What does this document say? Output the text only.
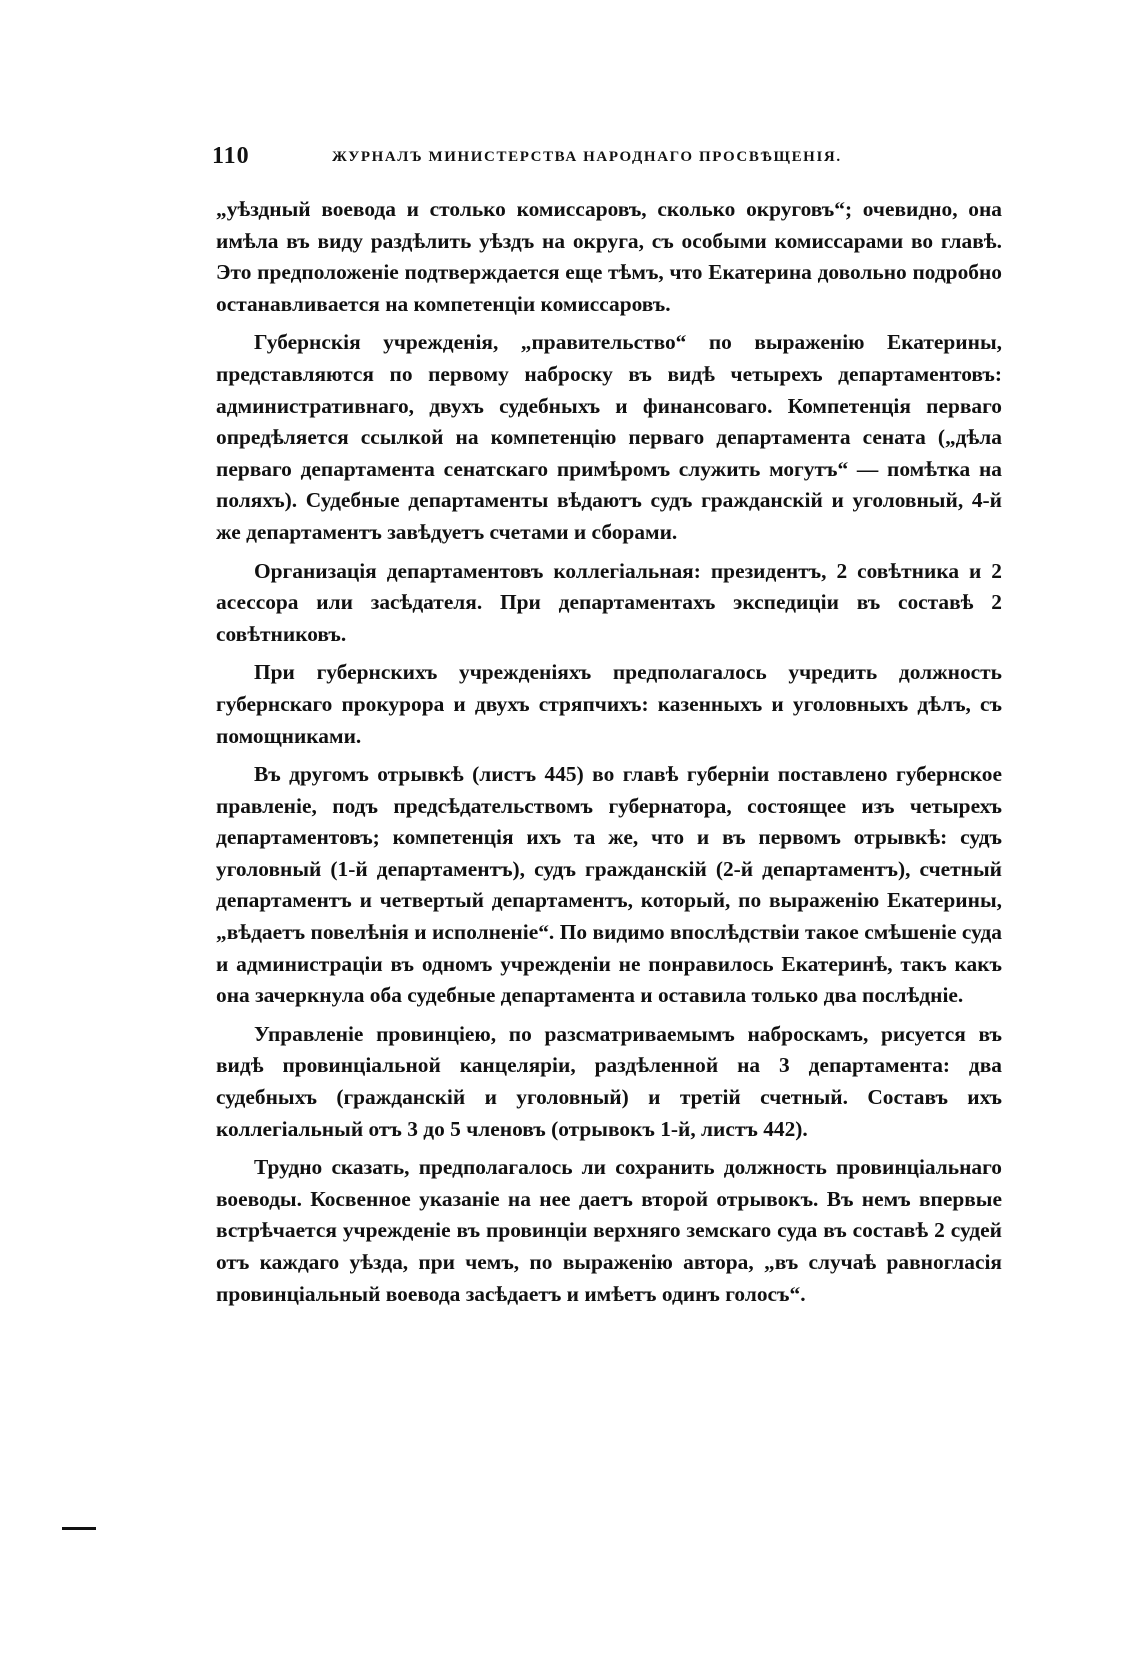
110	ЖУРНАЛЪ МИНИСТЕРСТВА НАРОДНАГО ПРОСВѢЩЕНІЯ.

„уѣздный воевода и столько комиссаровъ, сколько округовъ“; очевидно, она имѣла въ виду раздѣлить уѣздъ на округа, съ особыми комиссарами во главѣ. Это предположеніе подтверждается еще тѣмъ, что Екатерина довольно подробно останавливается на компетенціи комиссаровъ.

Губернскія учрежденія, „правительство“ по выраженію Екатерины, представляются по первому наброску въ видѣ четырехъ департаментовъ: административнаго, двухъ судебныхъ и финансоваго. Компетенція перваго опредѣляется ссылкой на компетенцію перваго департамента сената („дѣла перваго департамента сенатскаго примѣромъ служить могутъ“ — помѣтка на поляхъ). Судебные департаменты вѣдаютъ судъ гражданскій и уголовный, 4-й же департаментъ завѣдуетъ счетами и сборами.

Организація департаментовъ коллегіальная: президентъ, 2 совѣтника и 2 асессора или засѣдателя. При департаментахъ экспедиціи въ составѣ 2 совѣтниковъ.

При губернскихъ учрежденіяхъ предполагалось учредить должность губернскаго прокурора и двухъ стряпчихъ: казенныхъ и уголовныхъ дѣлъ, съ помощниками.

Въ другомъ отрывкѣ (листъ 445) во главѣ губерніи поставлено губернское правленіе, подъ предсѣдательствомъ губернатора, состоящее изъ четырехъ департаментовъ; компетенція ихъ та же, что и въ первомъ отрывкѣ: судъ уголовный (1-й департаментъ), судъ гражданскій (2-й департаментъ), счетный департаментъ и четвертый департаментъ, который, по выраженію Екатерины, „вѣдаетъ повелѣнія и исполненіе“. По видимо впослѣдствіи такое смѣшеніе суда и администраціи въ одномъ учрежденіи не понравилось Екатеринѣ, такъ какъ она зачеркнула оба судебные департамента и оставила только два послѣдніе.

Управленіе провинціею, по разсматриваемымъ наброскамъ, рисуется въ видѣ провинціальной канцеляріи, раздѣленной на 3 департамента: два судебныхъ (гражданскій и уголовный) и третій счетный. Составъ ихъ коллегіальный отъ 3 до 5 членовъ (отрывокъ 1-й, листъ 442).

Трудно сказать, предполагалось ли сохранить должность провинціальнаго воеводы. Косвенное указаніе на нее даетъ второй отрывокъ. Въ немъ впервые встрѣчается учрежденіе въ провинціи верхняго земскаго суда въ составѣ 2 судей отъ каждаго уѣзда, при чемъ, по выраженію автора, „въ случаѣ равногласія провинціальный воевода засѣдаетъ и имѣетъ одинъ голосъ“.
